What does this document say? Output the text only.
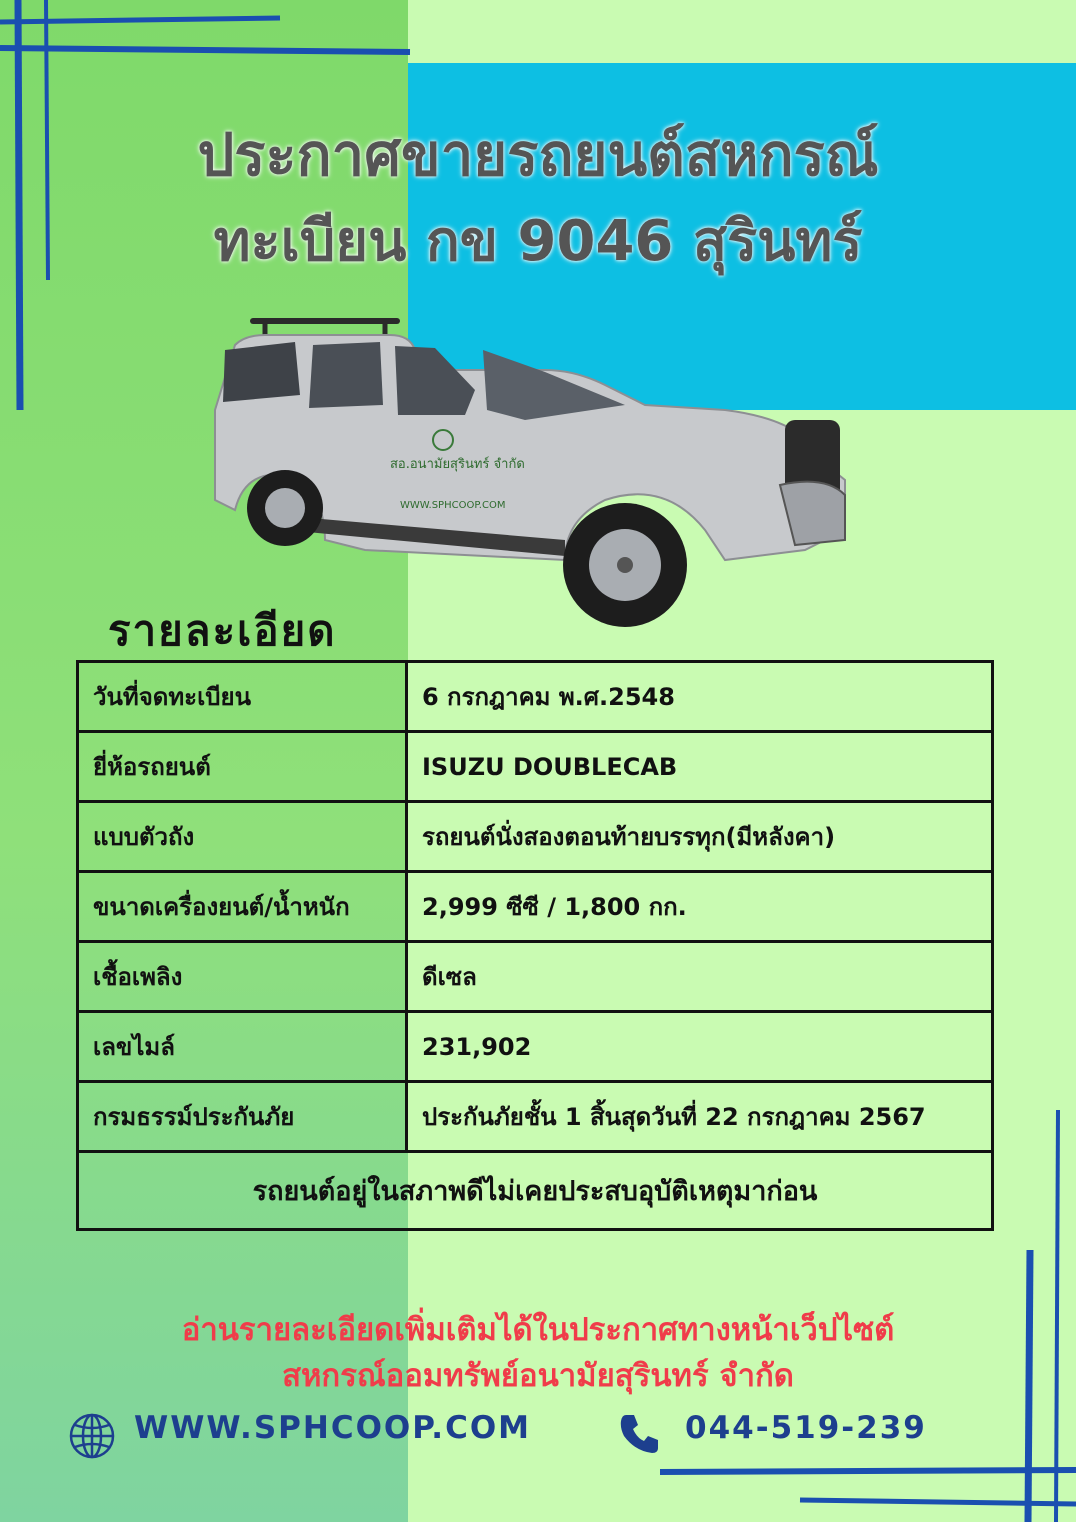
ประกาศขายรถยนต์สหกรณ์
ทะเบียน กข 9046 สุรินทร์
สอ.อนามัยสุรินทร์ จำกัด
WWW.SPHCOOP.COM
รายละเอียด
วันที่จดทะเบียน	6 กรกฎาคม พ.ศ.2548
ยี่ห้อรถยนต์	ISUZU DOUBLECAB
แบบตัวถัง	รถยนต์นั่งสองตอนท้ายบรรทุก(มีหลังคา)
ขนาดเครื่องยนต์/น้ำหนัก	2,999 ซีซี / 1,800 กก.
เชื้อเพลิง	ดีเซล
เลขไมล์	231,902
กรมธรรม์ประกันภัย	ประกันภัยชั้น 1 สิ้นสุดวันที่ 22 กรกฎาคม 2567
รถยนต์อยู่ในสภาพดีไม่เคยประสบอุบัติเหตุมาก่อน	
อ่านรายละเอียดเพิ่มเติมได้ในประกาศทางหน้าเว็ปไซต์
สหกรณ์ออมทรัพย์อนามัยสุรินทร์ จำกัด
WWW.SPHCOOP.COM	044-519-239
